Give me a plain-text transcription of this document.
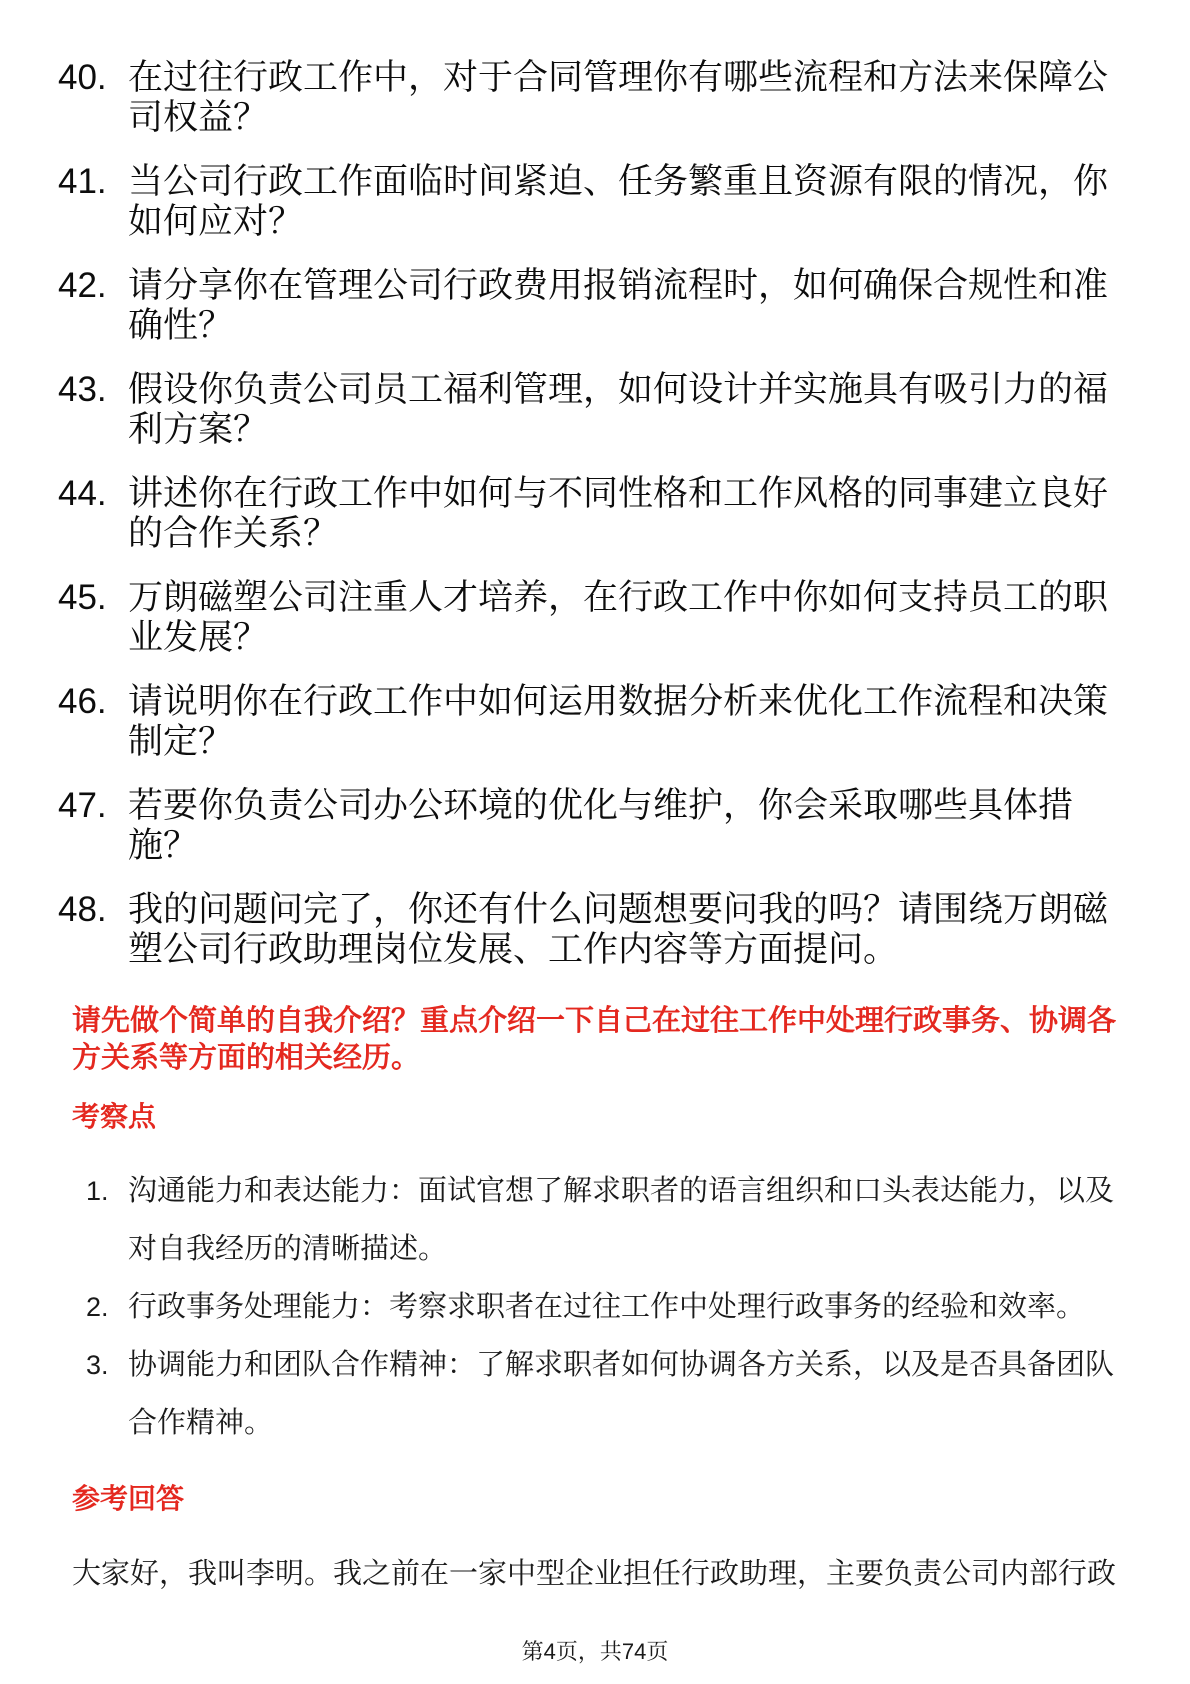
40. 在过往行政工作中，对于合同管理你有哪些流程和方法来保障公司权益？
41. 当公司行政工作面临时间紧迫、任务繁重且资源有限的情况，你如何应对？
42. 请分享你在管理公司行政费用报销流程时，如何确保合规性和准确性？
43. 假设你负责公司员工福利管理，如何设计并实施具有吸引力的福利方案？
44. 讲述你在行政工作中如何与不同性格和工作风格的同事建立良好的合作关系？
45. 万朗磁塑公司注重人才培养，在行政工作中你如何支持员工的职业发展？
46. 请说明你在行政工作中如何运用数据分析来优化工作流程和决策制定？
47. 若要你负责公司办公环境的优化与维护，你会采取哪些具体措施？
48. 我的问题问完了，你还有什么问题想要问我的吗？请围绕万朗磁塑公司行政助理岗位发展、工作内容等方面提问。
请先做个简单的自我介绍？重点介绍一下自己在过往工作中处理行政事务、协调各方关系等方面的相关经历。
考察点
1. 沟通能力和表达能力：面试官想了解求职者的语言组织和口头表达能力，以及对自我经历的清晰描述。
2. 行政事务处理能力：考察求职者在过往工作中处理行政事务的经验和效率。
3. 协调能力和团队合作精神：了解求职者如何协调各方关系，以及是否具备团队合作精神。
参考回答
大家好，我叫李明。我之前在一家中型企业担任行政助理，主要负责公司内部行政
第4页，共74页
